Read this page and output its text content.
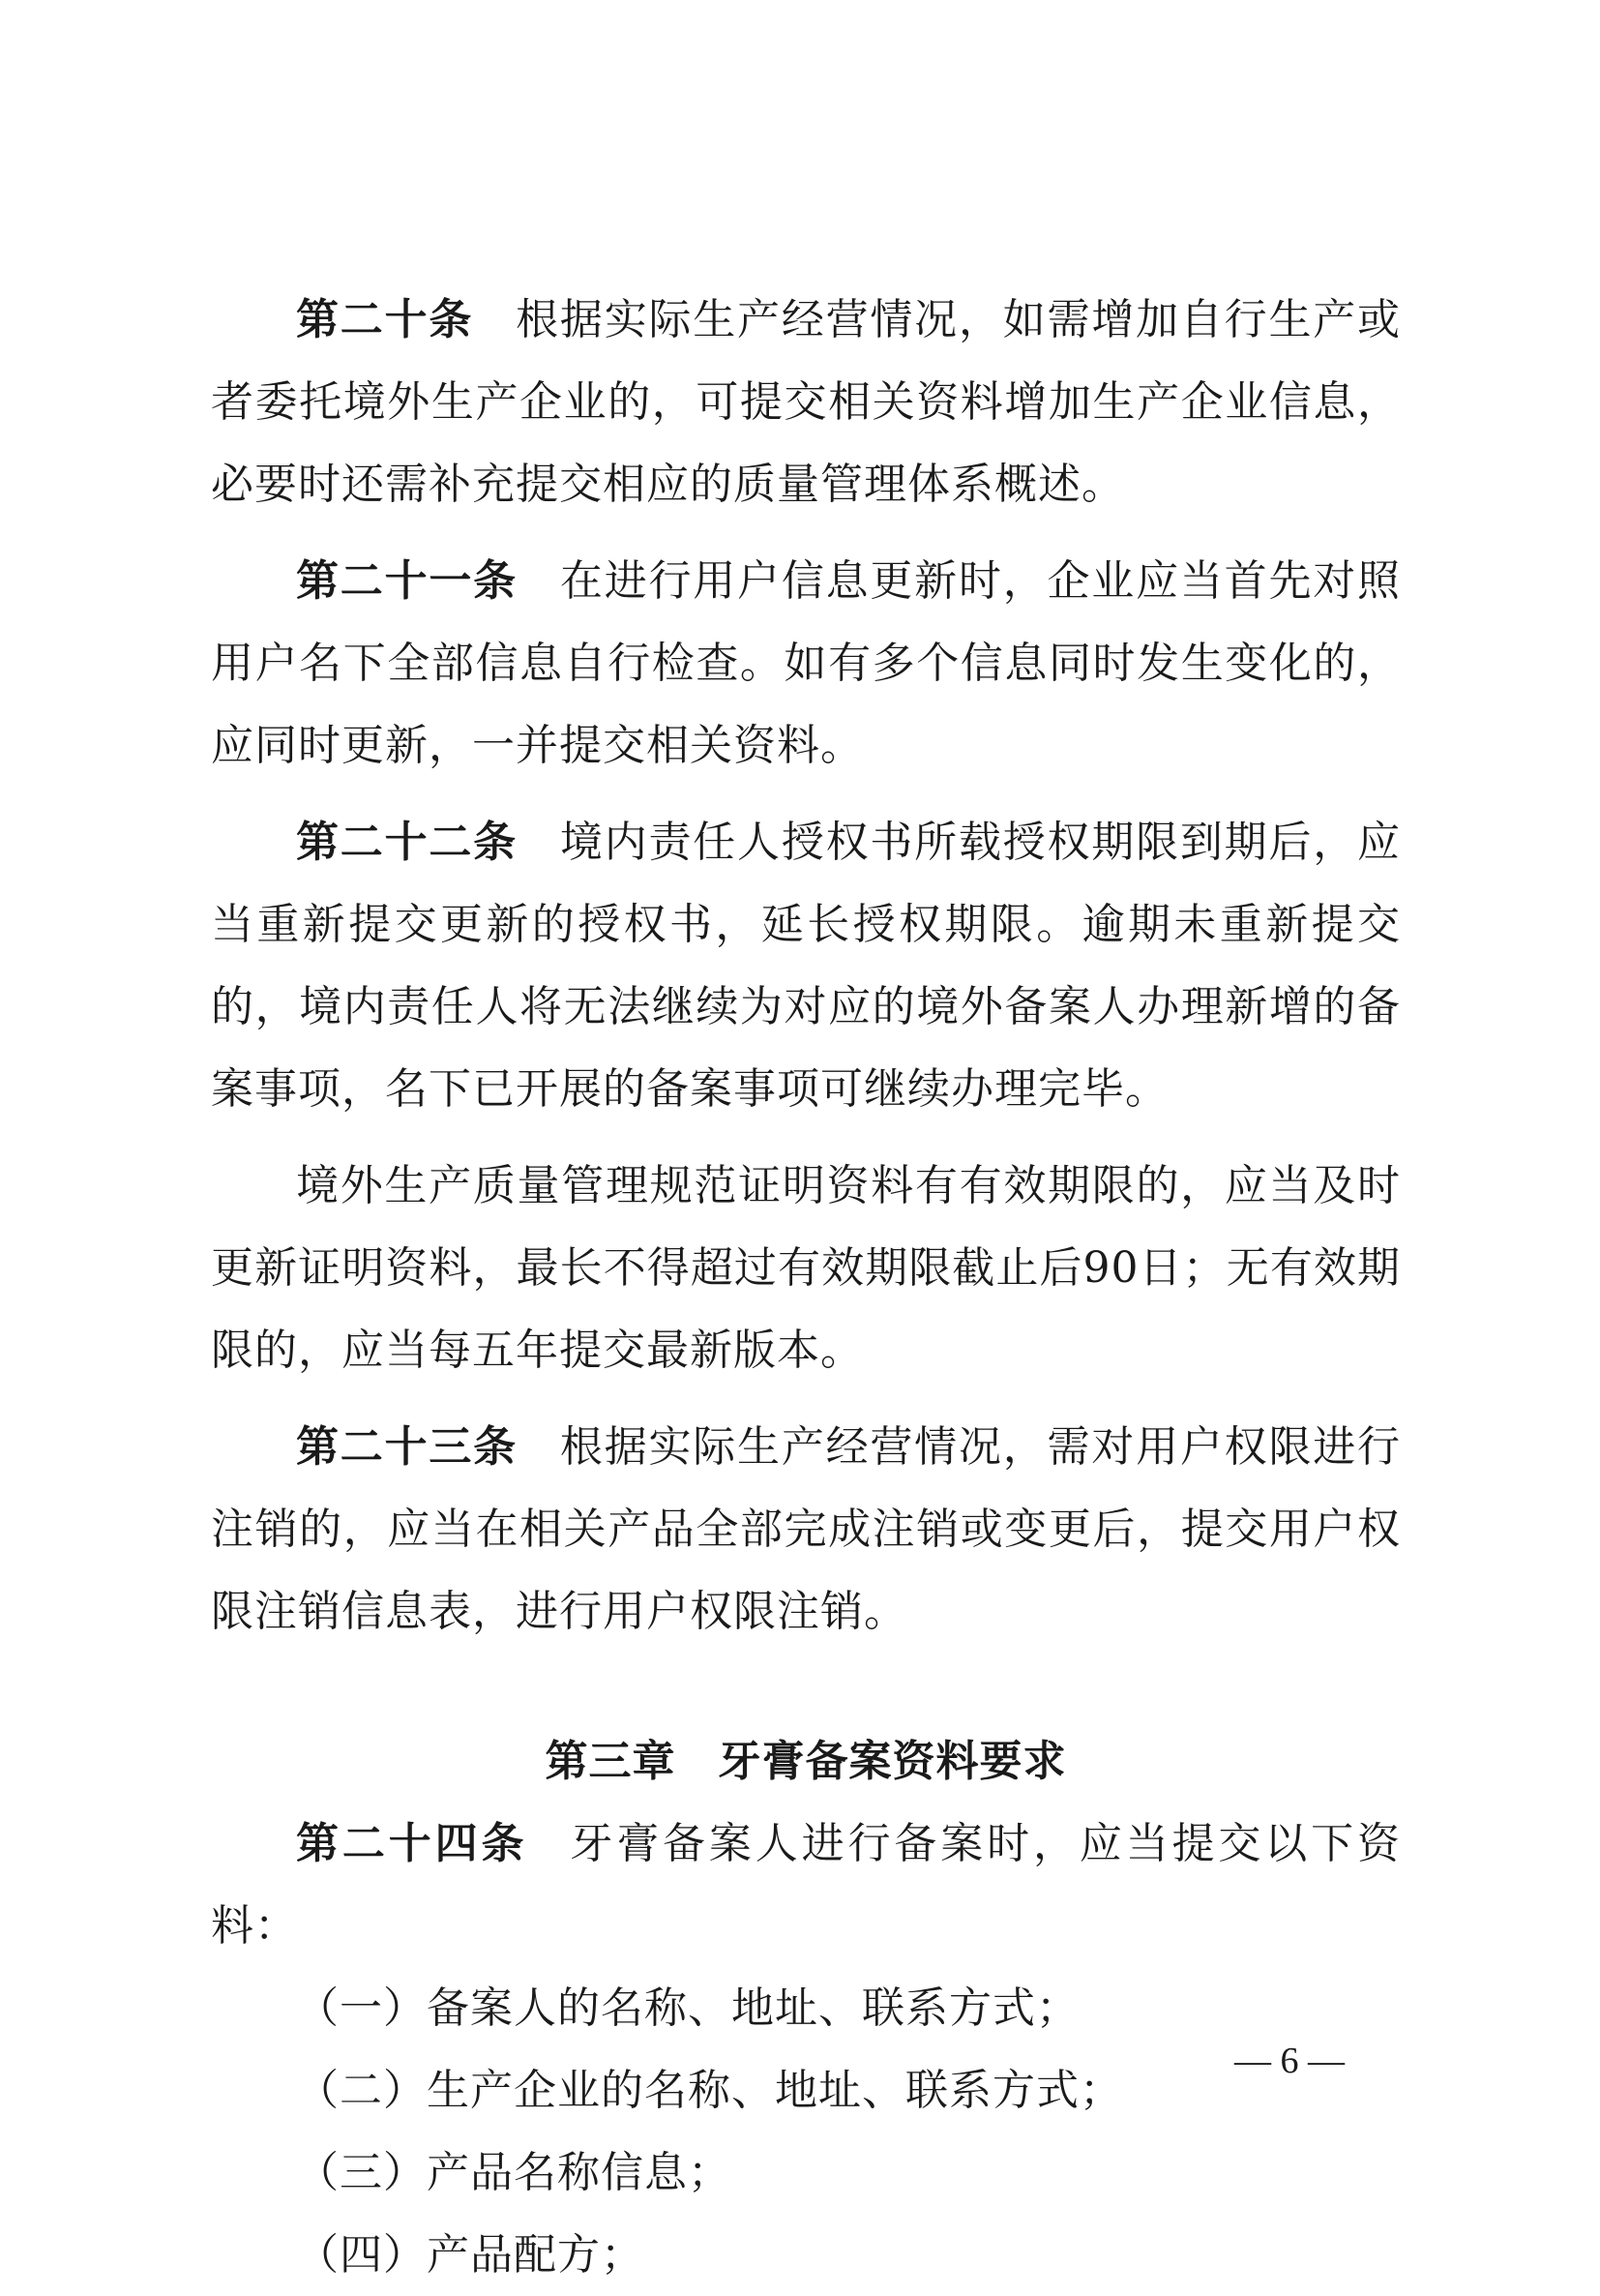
第二十条 根据实际生产经营情况，如需增加自行生产或者委托境外生产企业的，可提交相关资料增加生产企业信息，必要时还需补充提交相应的质量管理体系概述。

第二十一条 在进行用户信息更新时，企业应当首先对照用户名下全部信息自行检查。如有多个信息同时发生变化的，应同时更新，一并提交相关资料。

第二十二条 境内责任人授权书所载授权期限到期后，应当重新提交更新的授权书，延长授权期限。逾期未重新提交的，境内责任人将无法继续为对应的境外备案人办理新增的备案事项，名下已开展的备案事项可继续办理完毕。

境外生产质量管理规范证明资料有有效期限的，应当及时更新证明资料，最长不得超过有效期限截止后90日；无有效期限的，应当每五年提交最新版本。

第二十三条 根据实际生产经营情况，需对用户权限进行注销的，应当在相关产品全部完成注销或变更后，提交用户权限注销信息表，进行用户权限注销。

第三章 牙膏备案资料要求

第二十四条 牙膏备案人进行备案时，应当提交以下资料：

（一）备案人的名称、地址、联系方式；

（二）生产企业的名称、地址、联系方式；

（三）产品名称信息；

（四）产品配方；

— 6 —
